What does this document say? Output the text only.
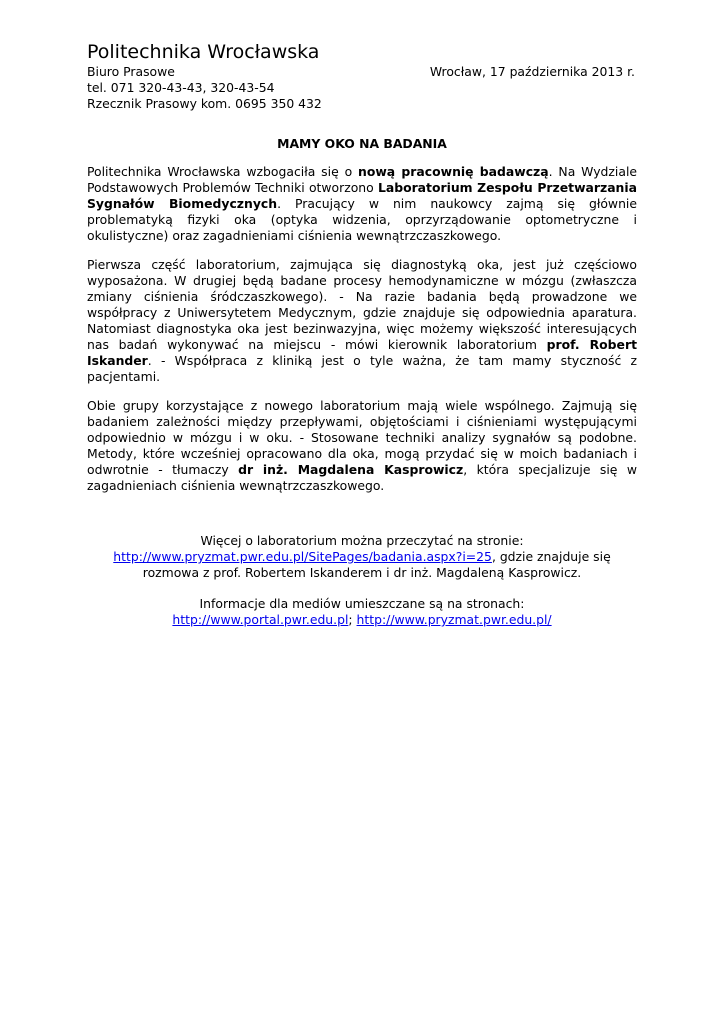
Politechnika Wrocławska
Biuro Prasowe
tel. 071 320-43-43, 320-43-54
Rzecznik Prasowy kom. 0695 350 432
Wrocław, 17 października 2013 r.
MAMY OKO NA BADANIA

Politechnika Wrocławska wzbogaciła się o nową pracownię badawczą. Na Wydziale Podstawowych Problemów Techniki otworzono Laboratorium Zespołu Przetwarzania Sygnałów Biomedycznych. Pracujący w nim naukowcy zajmą się głównie problematyką fizyki oka (optyka widzenia, oprzyrządowanie optometryczne i okulistyczne) oraz zagadnieniami ciśnienia wewnątrzczaszkowego.

Pierwsza część laboratorium, zajmująca się diagnostyką oka, jest już częściowo wyposażona. W drugiej będą badane procesy hemodynamiczne w mózgu (zwłaszcza zmiany ciśnienia śródczaszkowego). - Na razie badania będą prowadzone we współpracy z Uniwersytetem Medycznym, gdzie znajduje się odpowiednia aparatura. Natomiast diagnostyka oka jest bezinwazyjna, więc możemy większość interesujących nas badań wykonywać na miejscu - mówi kierownik laboratorium prof. Robert Iskander. - Współpraca z kliniką jest o tyle ważna, że tam mamy styczność z pacjentami.

Obie grupy korzystające z nowego laboratorium mają wiele wspólnego. Zajmują się badaniem zależności między przepływami, objętościami i ciśnieniami występującymi odpowiednio w mózgu i w oku. - Stosowane techniki analizy sygnałów są podobne. Metody, które wcześniej opracowano dla oka, mogą przydać się w moich badaniach i odwrotnie - tłumaczy dr inż. Magdalena Kasprowicz, która specjalizuje się w zagadnieniach ciśnienia wewnątrzczaszkowego.

Więcej o laboratorium można przeczytać na stronie:
http://www.pryzmat.pwr.edu.pl/SitePages/badania.aspx?i=25, gdzie znajduje się
rozmowa z prof. Robertem Iskanderem i dr inż. Magdaleną Kasprowicz.
Informacje dla mediów umieszczane są na stronach:
http://www.portal.pwr.edu.pl; http://www.pryzmat.pwr.edu.pl/
